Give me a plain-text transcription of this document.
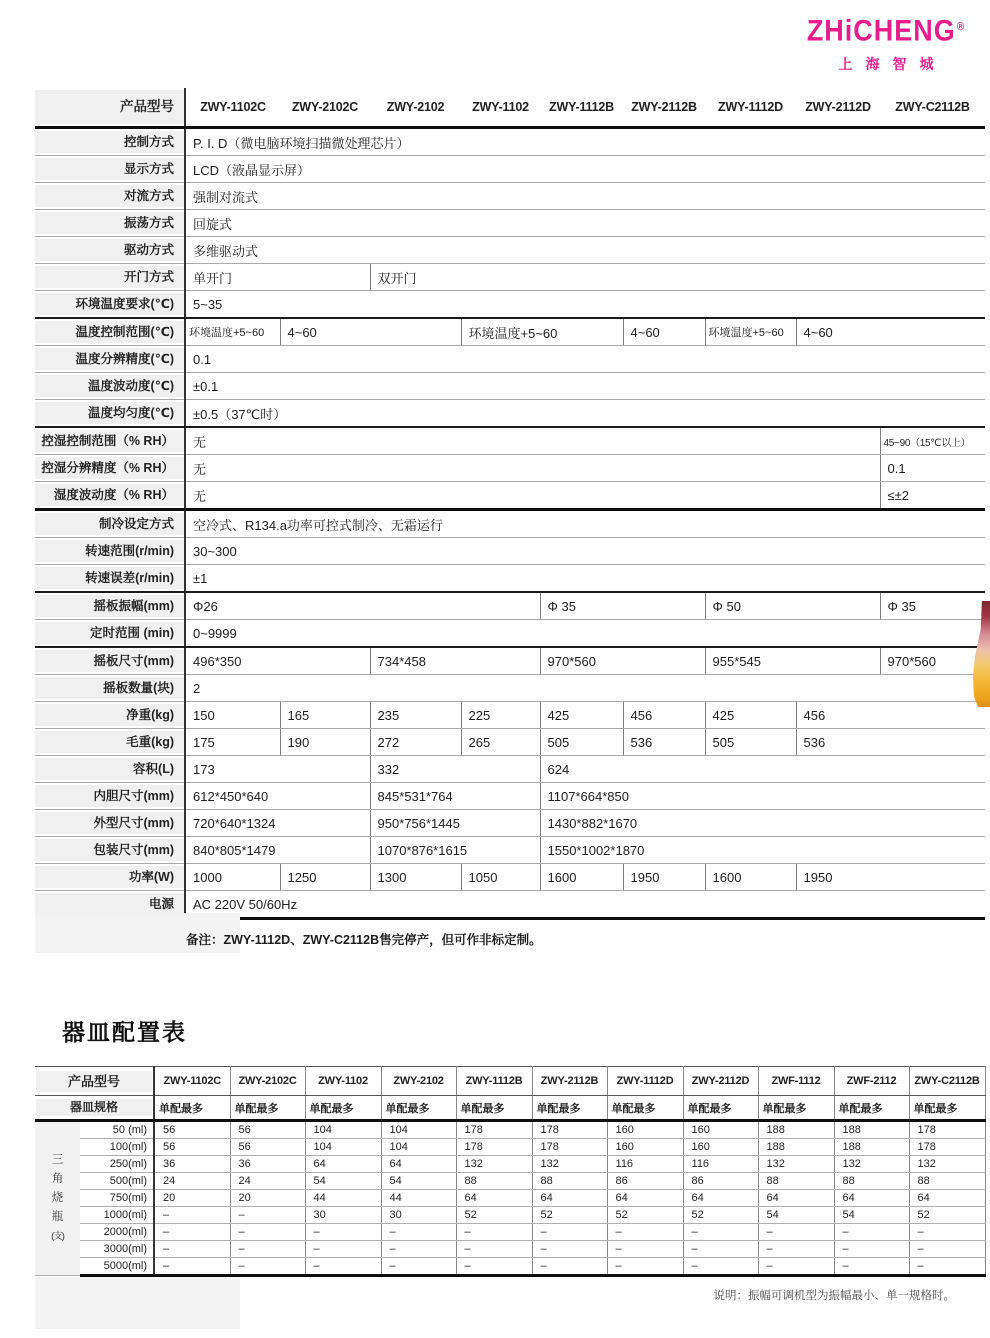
ZHiCHENG®
上海智城
产品型号	ZWY-1102C	ZWY-2102C	ZWY-2102	ZWY-1102	ZWY-1112B	ZWY-2112B	ZWY-1112D	ZWY-2112D	ZWY-C2112B

控制方式	P. I. D（微电脑环境扫描微处理芯片）								

显示方式	LCD（液晶显示屏）								

对流方式	强制对流式								

振荡方式	回旋式								

驱动方式	多维驱动式								

开门方式	单开门		双开门						

环境温度要求(℃)	5~35								

温度控制范围(℃)	环境温度+5~60	4~60		环境温度+5~60		4~60	环境温度+5~60	4~60	

温度分辨精度(℃)	0.1								

温度波动度(℃)	±0.1								

温度均匀度(℃)	±0.5（37℃时）								

控湿控制范围（% RH）	无								45~90（15℃以上）

控湿分辨精度（% RH）	无								0.1

湿度波动度（% RH）	无								≤±2

制冷设定方式	空冷式、R134.a功率可控式制冷、无霜运行								

转速范围(r/min)	30~300								

转速误差(r/min)	±1								

摇板振幅(mm)	Φ26				Φ 35		Φ 50		Φ 35

定时范围 (min)	0~9999								

摇板尺寸(mm)	496*350		734*458		970*560		955*545		970*560

摇板数量(块)	2								

净重(kg)	150	165	235	225	425	456	425	456	

毛重(kg)	175	190	272	265	505	536	505	536	

容积(L)	173		332		624				

内胆尺寸(mm)	612*450*640		845*531*764		1107*664*850				

外型尺寸(mm)	720*640*1324		950*756*1445		1430*882*1670				

包装尺寸(mm)	840*805*1479		1070*876*1615		1550*1002*1870				

功率(W)	1000	1250	1300	1050	1600	1950	1600	1950	

电源	AC 220V 50/60Hz								
备注：ZWY-1112D、ZWY-C2112B售完停产，但可作非标定制。
器皿配置表
产品型号		ZWY-1102C	ZWY-2102C	ZWY-1102	ZWY-2102	ZWY-1112B	ZWY-2112B	ZWY-1112D	ZWY-2112D	ZWF-1112	ZWF-2112	ZWY-C2112B

器皿规格		单配最多	单配最多	单配最多	单配最多	单配最多	单配最多	单配最多	单配最多	单配最多	单配最多	单配最多

三
角
烧
瓶
(支)	50 (ml)	56	56	104	104	178	178	160	160	188	188	178
	100(ml)	56	56	104	104	178	178	160	160	188	188	178
	250(ml)	36	36	64	64	132	132	116	116	132	132	132
	500(ml)	24	24	54	54	88	88	86	86	88	88	88
	750(ml)	20	20	44	44	64	64	64	64	64	64	64
	1000(ml)	–	–	30	30	52	52	52	52	54	54	52
	2000(ml)	–	–	–	–	–	–	–	–	–	–	–
	3000(ml)	–	–	–	–	–	–	–	–	–	–	–
	5000(ml)	–	–	–	–	–	–	–	–	–	–	–
说明：振幅可调机型为振幅最小、单一规格时。
